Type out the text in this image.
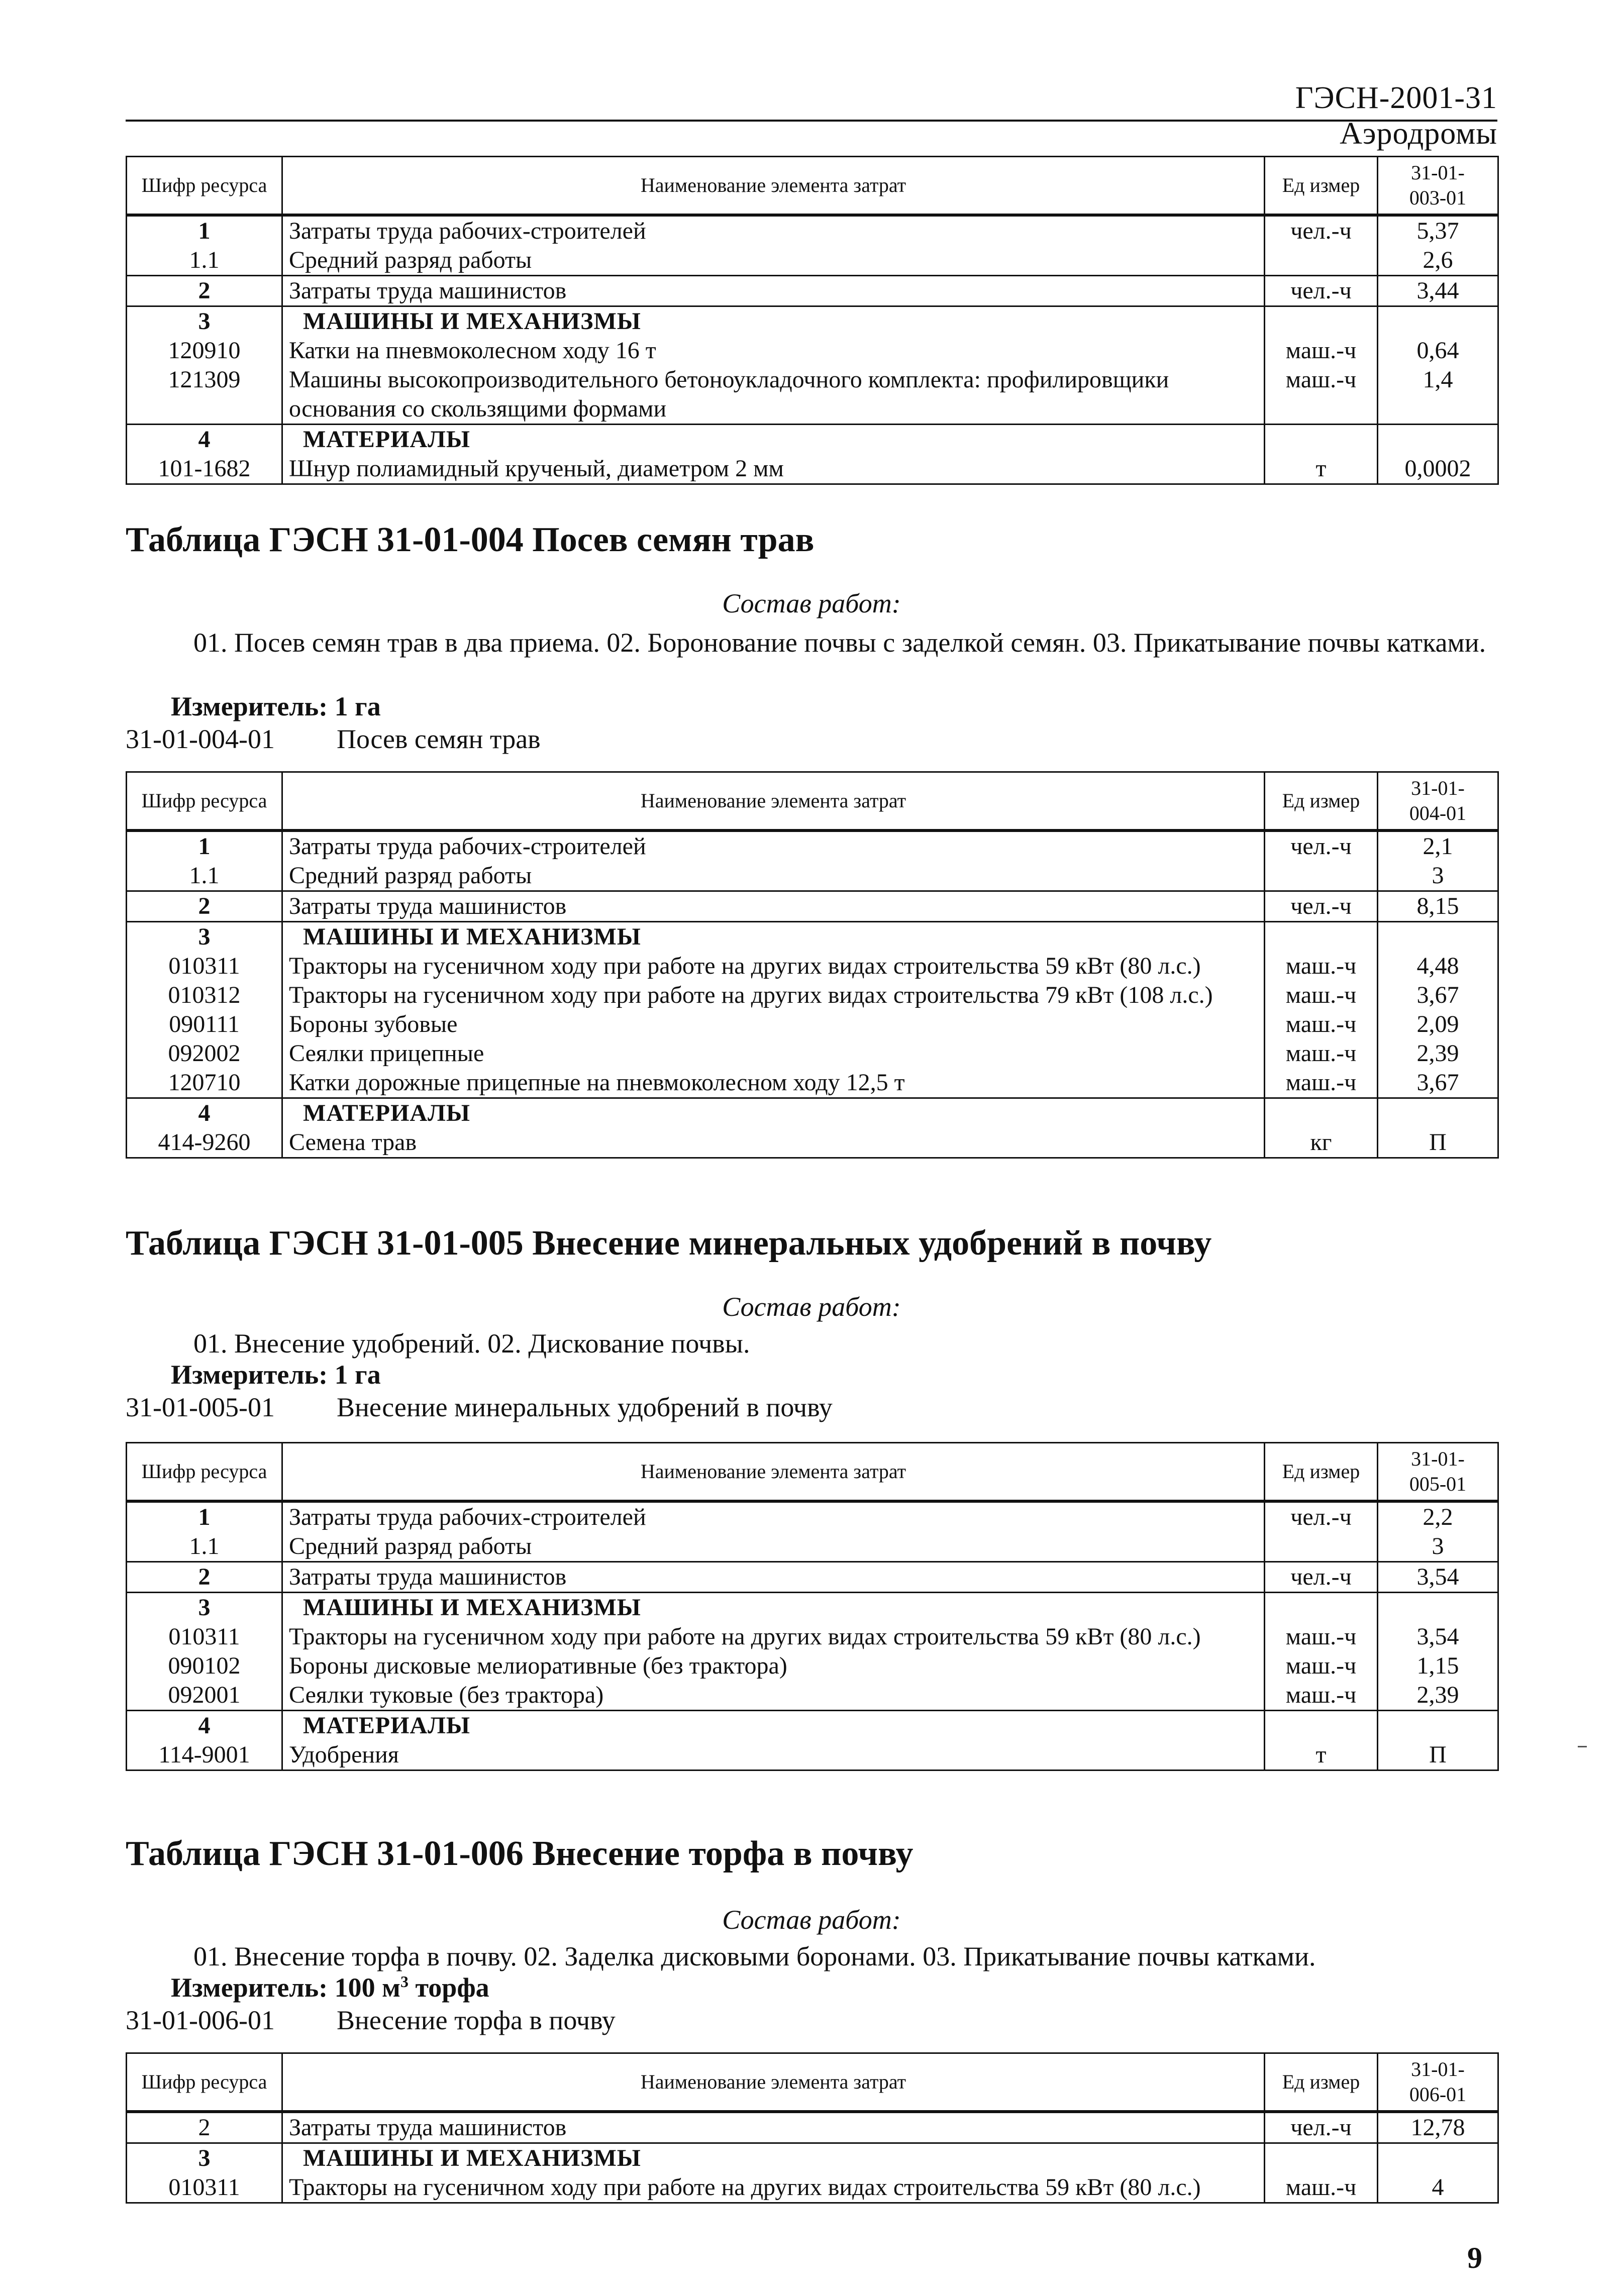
ГЭСН-2001-31 Аэродромы
Шифр ресурса	Наименование элемента затрат	Ед измер	31-01-
003-01

1	Затраты труда рабочих-строителей	чел.-ч	5,37
1.1	Средний разряд работы		2,6
2	Затраты труда машинистов	чел.-ч	3,44
3	МАШИНЫ И МЕХАНИЗМЫ		
120910	Катки на пневмоколесном ходу 16 т	маш.-ч	0,64
121309	Машины высокопроизводительного бетоноукладочного комплекта: профилировщики основания со скользящими формами	маш.-ч	1,4
4	МАТЕРИАЛЫ		
101-1682	Шнур полиамидный крученый, диаметром 2 мм	т	0,0002
Таблица ГЭСН 31-01-004 Посев семян трав
Состав работ:
01. Посев семян трав в два приема. 02. Боронование почвы с заделкой семян. 03. Прикатывание почвы катками.
Измеритель: 1 га
31-01-004-01 Посев семян трав
Шифр ресурса	Наименование элемента затрат	Ед измер	31-01-
004-01

1	Затраты труда рабочих-строителей	чел.-ч	2,1
1.1	Средний разряд работы		3
2	Затраты труда машинистов	чел.-ч	8,15
3	МАШИНЫ И МЕХАНИЗМЫ		
010311	Тракторы на гусеничном ходу при работе на других видах строительства 59 кВт (80 л.с.)	маш.-ч	4,48
010312	Тракторы на гусеничном ходу при работе на других видах строительства 79 кВт (108 л.с.)	маш.-ч	3,67
090111	Бороны зубовые	маш.-ч	2,09
092002	Сеялки прицепные	маш.-ч	2,39
120710	Катки дорожные прицепные на пневмоколесном ходу 12,5 т	маш.-ч	3,67
4	МАТЕРИАЛЫ		
414-9260	Семена трав	кг	П
Таблица ГЭСН 31-01-005 Внесение минеральных удобрений в почву
Состав работ:
01. Внесение удобрений. 02. Дискование почвы.
Измеритель: 1 га
31-01-005-01 Внесение минеральных удобрений в почву
Шифр ресурса	Наименование элемента затрат	Ед измер	31-01-
005-01

1	Затраты труда рабочих-строителей	чел.-ч	2,2
1.1	Средний разряд работы		3
2	Затраты труда машинистов	чел.-ч	3,54
3	МАШИНЫ И МЕХАНИЗМЫ		
010311	Тракторы на гусеничном ходу при работе на других видах строительства 59 кВт (80 л.с.)	маш.-ч	3,54
090102	Бороны дисковые мелиоративные (без трактора)	маш.-ч	1,15
092001	Сеялки туковые (без трактора)	маш.-ч	2,39
4	МАТЕРИАЛЫ		
114-9001	Удобрения	т	П
Таблица ГЭСН 31-01-006 Внесение торфа в почву
Состав работ:
01. Внесение торфа в почву. 02. Заделка дисковыми боронами. 03. Прикатывание почвы катками.
Измеритель: 100 $м^3$ торфа
31-01-006-01 Внесение торфа в почву
Шифр ресурса	Наименование элемента затрат	Ед измер	31-01-
006-01

2	Затраты труда машинистов	чел.-ч	12,78
3	МАШИНЫ И МЕХАНИЗМЫ		
010311	Тракторы на гусеничном ходу при работе на других видах строительства 59 кВт (80 л.с.)	маш.-ч	4
9
